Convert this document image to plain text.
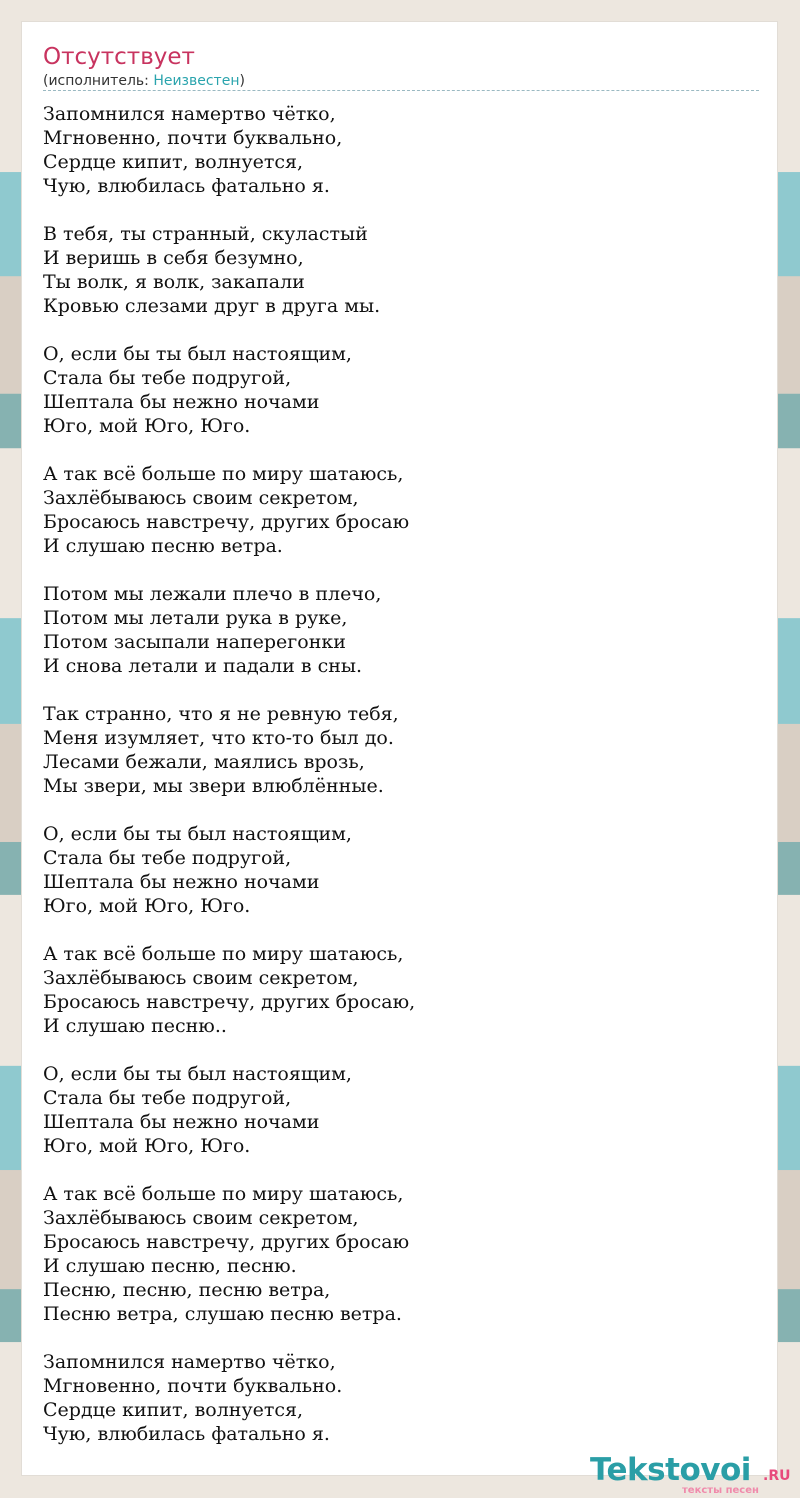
Отсутствует
(исполнитель: Неизвестен)
Запомнился намертво чётко,
Мгновенно, почти буквально,
Сердце кипит, волнуется,
Чую, влюбилась фатально я.
В тебя, ты странный, скуластый
И веришь в себя безумно,
Ты волк, я волк, закапали
Кровью слезами друг в друга мы.
О, если бы ты был настоящим,
Стала бы тебе подругой,
Шептала бы нежно ночами
Юго, мой Юго, Юго.
А так всё больше по миру шатаюсь,
Захлёбываюсь своим секретом,
Бросаюсь навстречу, других бросаю
И слушаю песню ветра.
Потом мы лежали плечо в плечо,
Потом мы летали рука в руке,
Потом засыпали наперегонки
И снова летали и падали в сны.
Так странно, что я не ревную тебя,
Меня изумляет, что кто-то был до.
Лесами бежали, маялись врозь,
Мы звери, мы звери влюблённые.
О, если бы ты был настоящим,
Стала бы тебе подругой,
Шептала бы нежно ночами
Юго, мой Юго, Юго.
А так всё больше по миру шатаюсь,
Захлёбываюсь своим секретом,
Бросаюсь навстречу, других бросаю,
И слушаю песню..
О, если бы ты был настоящим,
Стала бы тебе подругой,
Шептала бы нежно ночами
Юго, мой Юго, Юго.
А так всё больше по миру шатаюсь,
Захлёбываюсь своим секретом,
Бросаюсь навстречу, других бросаю
И слушаю песню, песню.
Песню, песню, песню ветра,
Песню ветра, слушаю песню ветра.
Запомнился намертво чётко,
Мгновенно, почти буквально.
Сердце кипит, волнуется,
Чую, влюбилась фатально я.
Tekstovoi .RU
тексты песен
